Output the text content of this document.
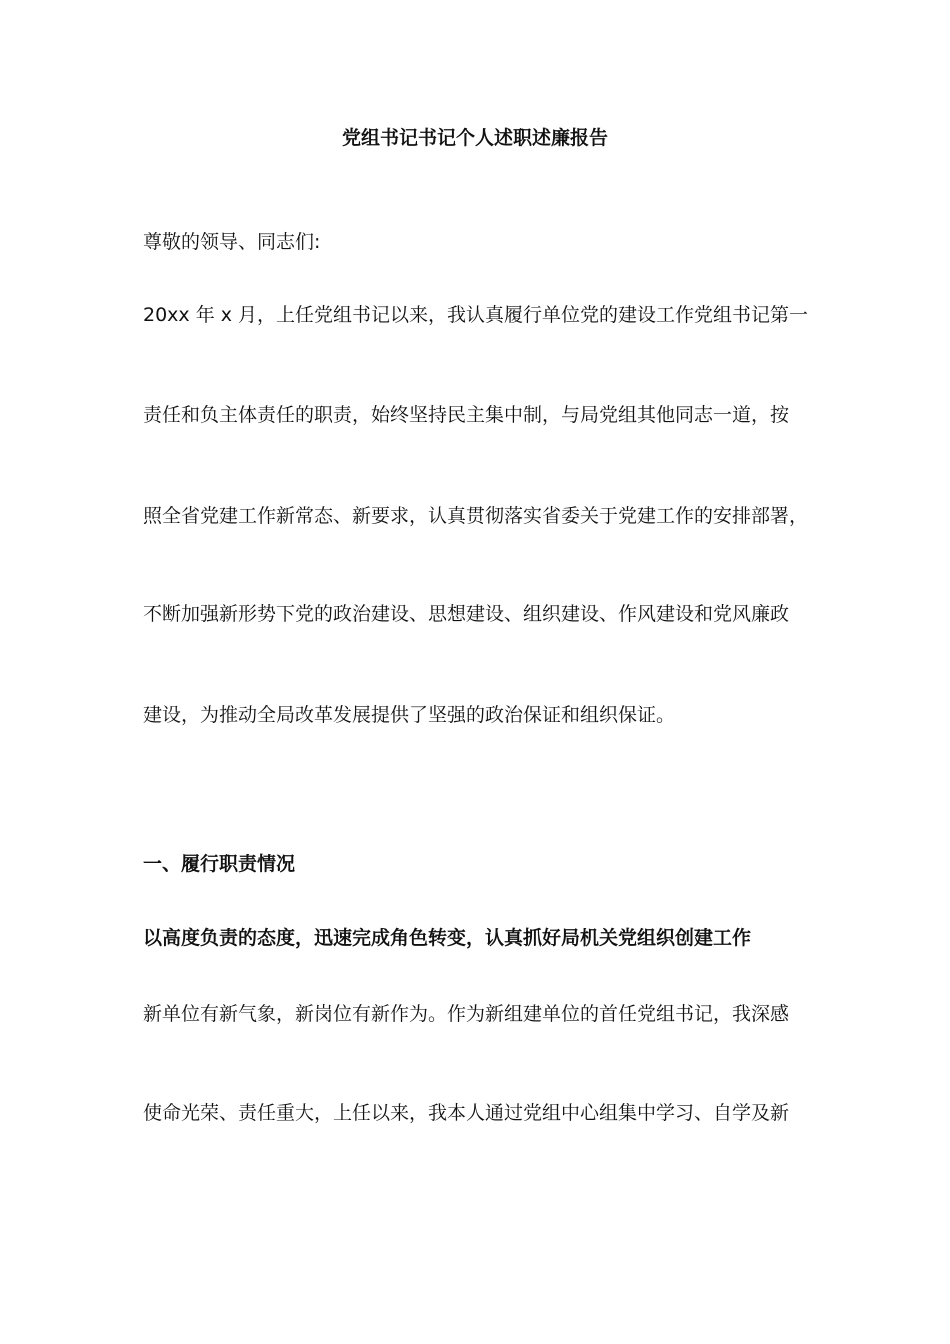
党组书记书记个人述职述廉报告
尊敬的领导、同志们:
20xx 年 x 月，上任党组书记以来，我认真履行单位党的建设工作党组书记第一
责任和负主体责任的职责，始终坚持民主集中制，与局党组其他同志一道，按
照全省党建工作新常态、新要求，认真贯彻落实省委关于党建工作的安排部署，
不断加强新形势下党的政治建设、思想建设、组织建设、作风建设和党风廉政
建设，为推动全局改革发展提供了坚强的政治保证和组织保证。
一、履行职责情况
以高度负责的态度，迅速完成角色转变，认真抓好局机关党组织创建工作
新单位有新气象，新岗位有新作为。作为新组建单位的首任党组书记，我深感
使命光荣、责任重大，上任以来，我本人通过党组中心组集中学习、自学及新
